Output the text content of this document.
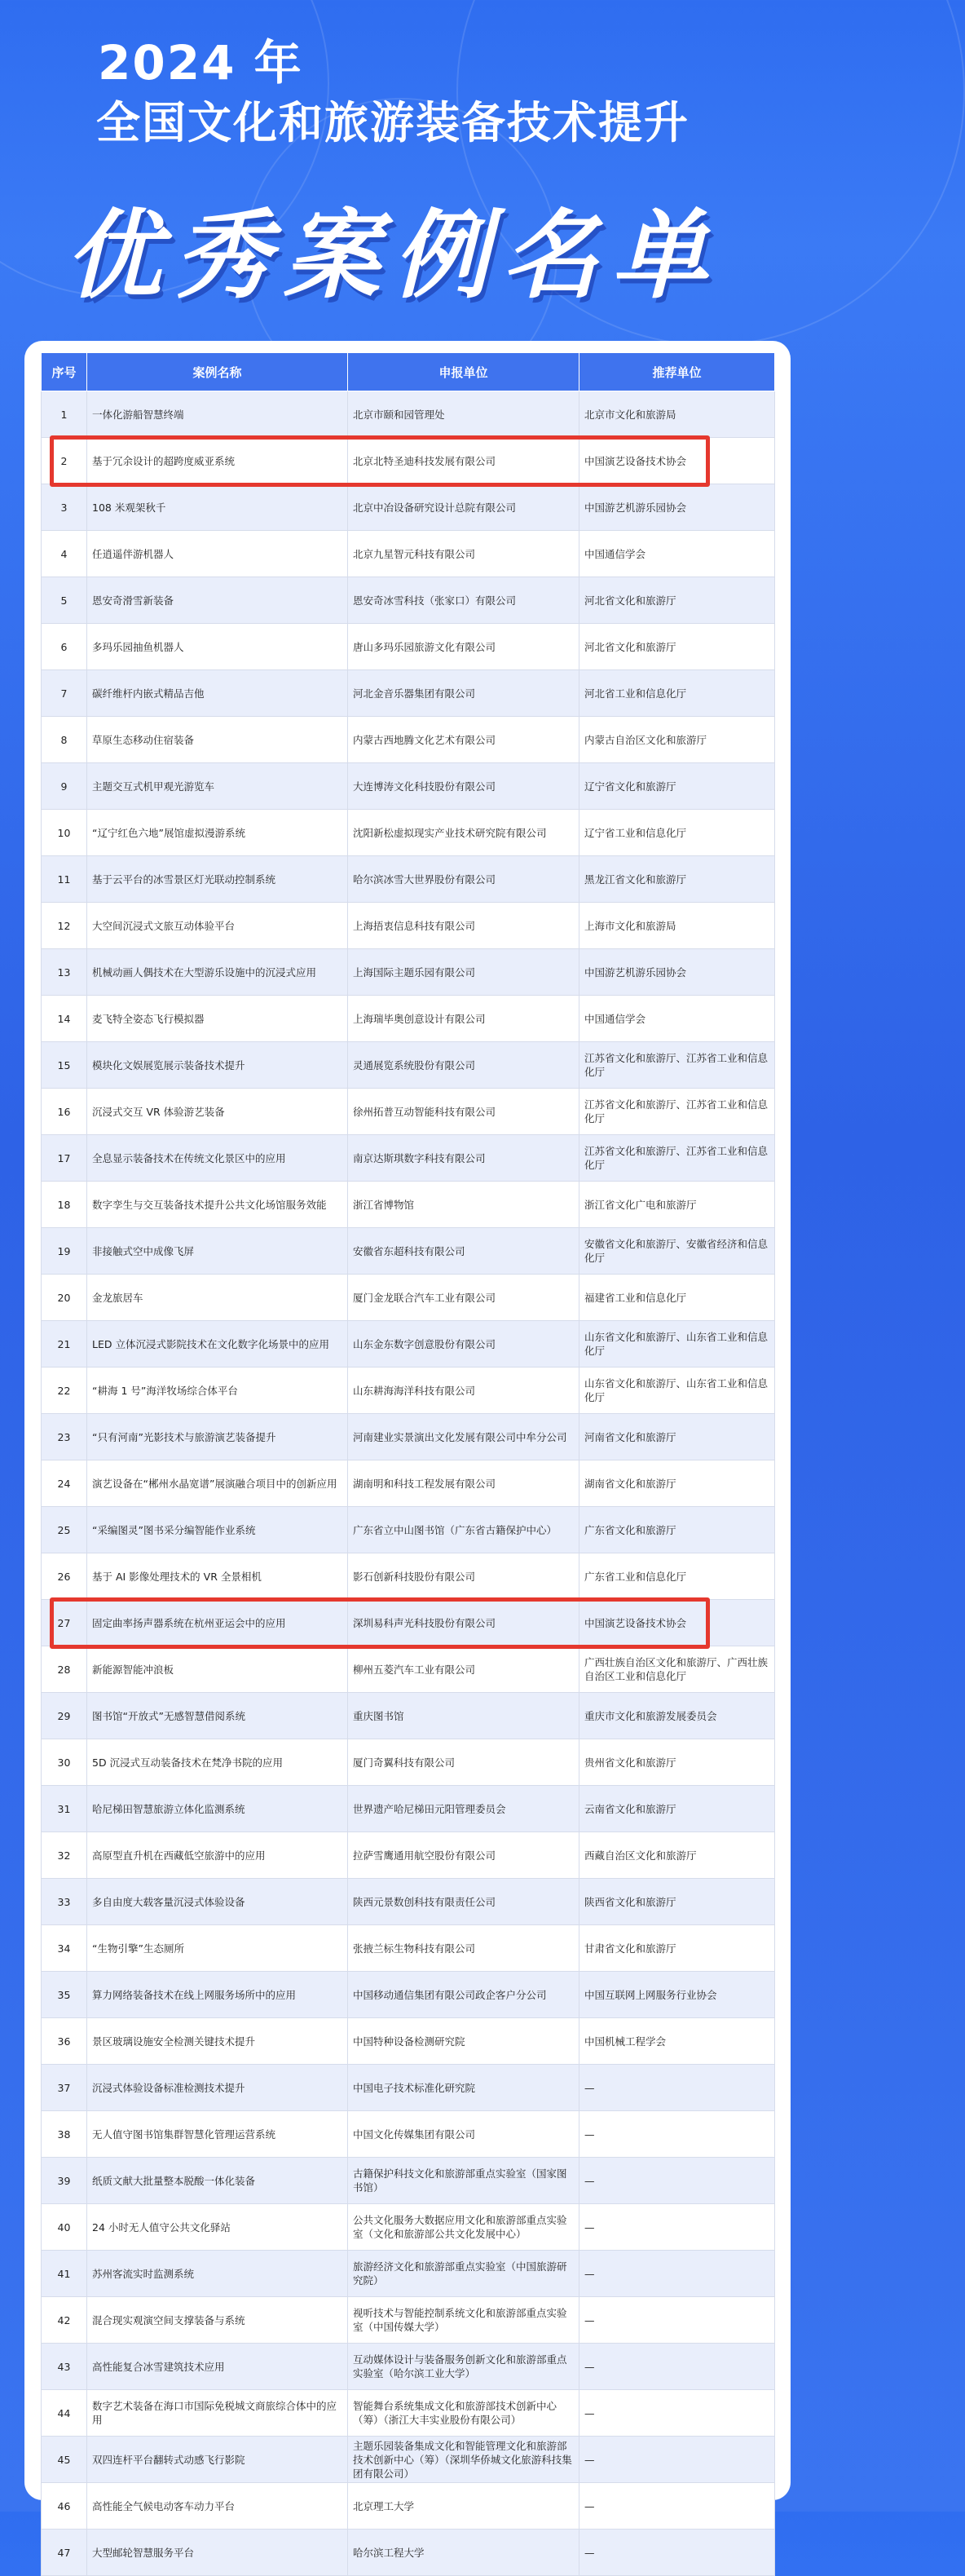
2024 年
全国文化和旅游装备技术提升
优秀案例名单
序号	案例名称	申报单位	推荐单位
1	一体化游船智慧终端	北京市颐和园管理处	北京市文化和旅游局
2	基于冗余设计的超跨度威亚系统	北京北特圣迪科技发展有限公司	中国演艺设备技术协会
3	108 米观架秋千	北京中冶设备研究设计总院有限公司	中国游艺机游乐园协会
4	任逍遥伴游机器人	北京九星智元科技有限公司	中国通信学会
5	恩安奇滑雪新装备	恩安奇冰雪科技（张家口）有限公司	河北省文化和旅游厅
6	多玛乐园抽鱼机器人	唐山多玛乐园旅游文化有限公司	河北省文化和旅游厅
7	碳纤维杆内嵌式精品吉他	河北金音乐器集团有限公司	河北省工业和信息化厅
8	草原生态移动住宿装备	内蒙古西地腾文化艺术有限公司	内蒙古自治区文化和旅游厅
9	主题交互式机甲观光游览车	大连博涛文化科技股份有限公司	辽宁省文化和旅游厅
10	“辽宁红色六地”展馆虚拟漫游系统	沈阳新松虚拟现实产业技术研究院有限公司	辽宁省工业和信息化厅
11	基于云平台的冰雪景区灯光联动控制系统	哈尔滨冰雪大世界股份有限公司	黑龙江省文化和旅游厅
12	大空间沉浸式文旅互动体验平台	上海捂衷信息科技有限公司	上海市文化和旅游局
13	机械动画人偶技术在大型游乐设施中的沉浸式应用	上海国际主题乐园有限公司	中国游艺机游乐园协会
14	麦飞特全姿态飞行模拟器	上海瑞毕奥创意设计有限公司	中国通信学会
15	模块化文娱展览展示装备技术提升	灵通展览系统股份有限公司	江苏省文化和旅游厅、江苏省工业和信息化厅
16	沉浸式交互 VR 体验游艺装备	徐州拓普互动智能科技有限公司	江苏省文化和旅游厅、江苏省工业和信息化厅
17	全息显示装备技术在传统文化景区中的应用	南京达斯琪数字科技有限公司	江苏省文化和旅游厅、江苏省工业和信息化厅
18	数字孪生与交互装备技术提升公共文化场馆服务效能	浙江省博物馆	浙江省文化广电和旅游厅
19	非接触式空中成像飞屏	安徽省东超科技有限公司	安徽省文化和旅游厅、安徽省经济和信息化厅
20	金龙旅居车	厦门金龙联合汽车工业有限公司	福建省工业和信息化厅
21	LED 立体沉浸式影院技术在文化数字化场景中的应用	山东金东数字创意股份有限公司	山东省文化和旅游厅、山东省工业和信息化厅
22	“耕海 1 号”海洋牧场综合体平台	山东耕海海洋科技有限公司	山东省文化和旅游厅、山东省工业和信息化厅
23	“只有河南”光影技术与旅游演艺装备提升	河南建业实景演出文化发展有限公司中牟分公司	河南省文化和旅游厅
24	演艺设备在“郴州水晶宽谱”展演融合项目中的创新应用	湖南明和科技工程发展有限公司	湖南省文化和旅游厅
25	“采编图灵”图书采分编智能作业系统	广东省立中山图书馆（广东省古籍保护中心）	广东省文化和旅游厅
26	基于 AI 影像处理技术的 VR 全景相机	影石创新科技股份有限公司	广东省工业和信息化厅
27	固定曲率扬声器系统在杭州亚运会中的应用	深圳易科声光科技股份有限公司	中国演艺设备技术协会
28	新能源智能冲浪板	柳州五菱汽车工业有限公司	广西壮族自治区文化和旅游厅、广西壮族自治区工业和信息化厅
29	图书馆“开放式”无感智慧借阅系统	重庆图书馆	重庆市文化和旅游发展委员会
30	5D 沉浸式互动装备技术在梵净书院的应用	厦门奇翼科技有限公司	贵州省文化和旅游厅
31	哈尼梯田智慧旅游立体化监测系统	世界遗产哈尼梯田元阳管理委员会	云南省文化和旅游厅
32	高原型直升机在西藏低空旅游中的应用	拉萨雪鹰通用航空股份有限公司	西藏自治区文化和旅游厅
33	多自由度大载客量沉浸式体验设备	陕西元景数创科技有限责任公司	陕西省文化和旅游厅
34	“生物引擎”生态厕所	张掖兰标生物科技有限公司	甘肃省文化和旅游厅
35	算力网络装备技术在线上网服务场所中的应用	中国移动通信集团有限公司政企客户分公司	中国互联网上网服务行业协会
36	景区玻璃设施安全检测关键技术提升	中国特种设备检测研究院	中国机械工程学会
37	沉浸式体验设备标准检测技术提升	中国电子技术标准化研究院	—
38	无人值守图书馆集群智慧化管理运营系统	中国文化传媒集团有限公司	—
39	纸质文献大批量整本脱酸一体化装备	古籍保护科技文化和旅游部重点实验室（国家图书馆）	—
40	24 小时无人值守公共文化驿站	公共文化服务大数据应用文化和旅游部重点实验室（文化和旅游部公共文化发展中心）	—
41	苏州客流实时监测系统	旅游经济文化和旅游部重点实验室（中国旅游研究院）	—
42	混合现实观演空间支撑装备与系统	视听技术与智能控制系统文化和旅游部重点实验室（中国传媒大学）	—
43	高性能复合冰雪建筑技术应用	互动媒体设计与装备服务创新文化和旅游部重点实验室（哈尔滨工业大学）	—
44	数字艺术装备在海口市国际免税城文商旅综合体中的应用	智能舞台系统集成文化和旅游部技术创新中心（筹）（浙江大丰实业股份有限公司）	—
45	双四连杆平台翻转式动感飞行影院	主题乐园装备集成文化和智能管理文化和旅游部技术创新中心（筹）（深圳华侨城文化旅游科技集团有限公司）	—
46	高性能全气候电动客车动力平台	北京理工大学	—
47	大型邮轮智慧服务平台	哈尔滨工程大学	—
